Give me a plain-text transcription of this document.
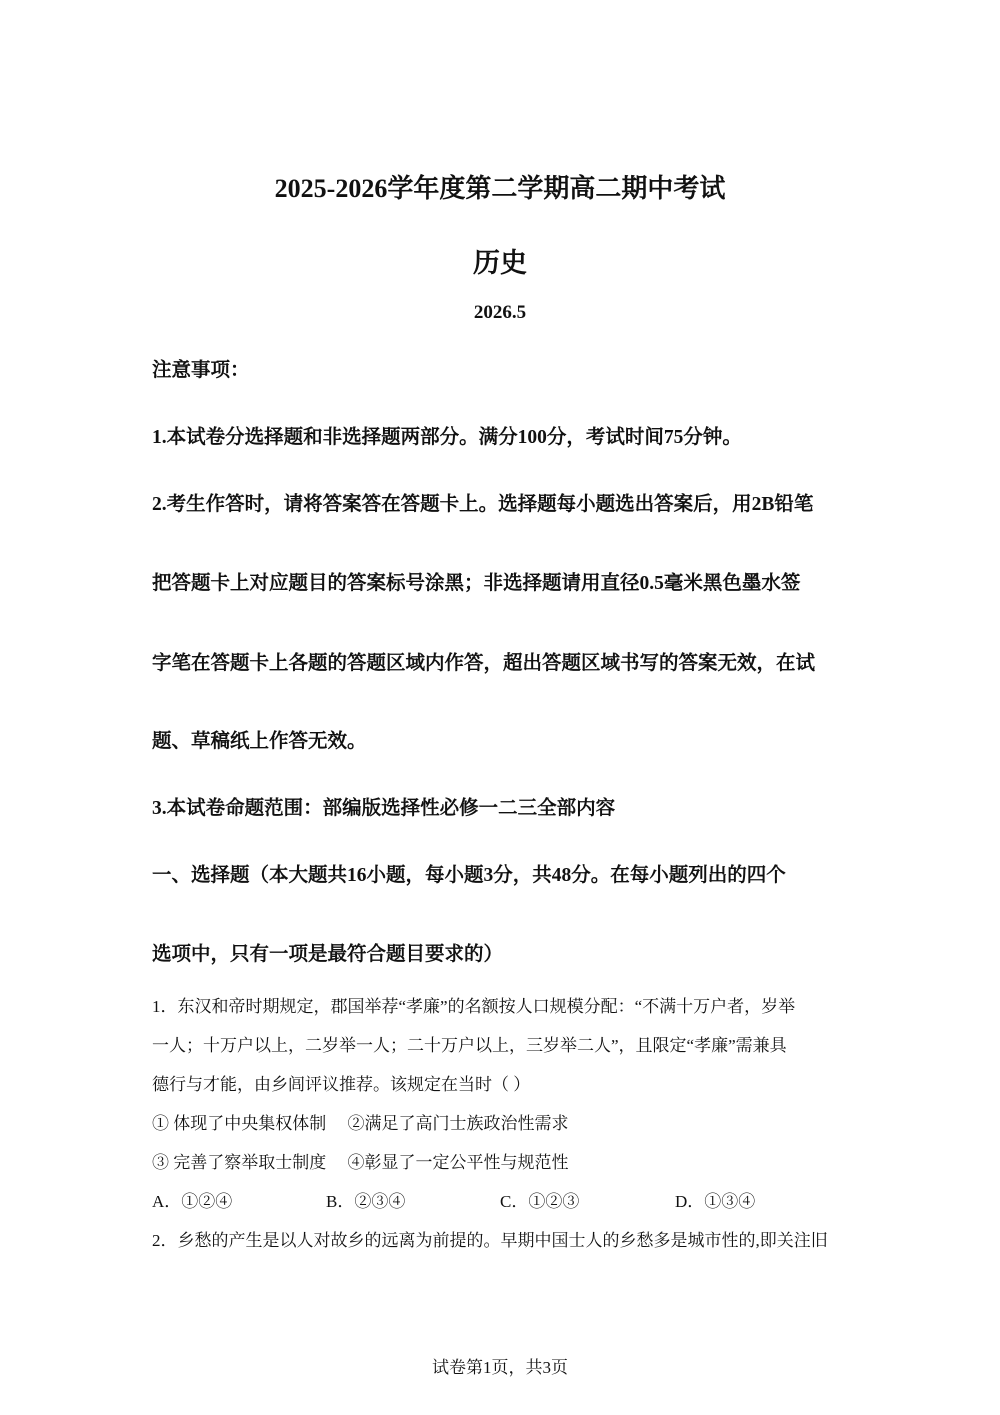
2025-2026学年度第二学期高二期中考试
历史
2026.5
注意事项：
1.本试卷分选择题和非选择题两部分。满分100分，考试时间75分钟。
2.考生作答时，请将答案答在答题卡上。选择题每小题选出答案后，用2B铅笔
把答题卡上对应题目的答案标号涂黑；非选择题请用直径0.5毫米黑色墨水签
字笔在答题卡上各题的答题区域内作答，超出答题区域书写的答案无效，在试
题、草稿纸上作答无效。
3.本试卷命题范围：部编版选择性必修一二三全部内容
一、选择题（本大题共16小题，每小题3分，共48分。在每小题列出的四个
选项中，只有一项是最符合题目要求的）
1．东汉和帝时期规定，郡国举荐“孝廉”的名额按人口规模分配：“不满十万户者，岁举
一人；十万户以上，二岁举一人；二十万户以上，三岁举二人”，且限定“孝廉”需兼具
德行与才能，由乡闾评议推荐。该规定在当时（ ）
① 体现了中央集权体制　 ②满足了高门士族政治性需求
③ 完善了察举取士制度　 ④彰显了一定公平性与规范性
A．①②④	B．②③④	C．①②③	D．①③④
2．乡愁的产生是以人对故乡的远离为前提的。早期中国士人的乡愁多是城市性的,即关注旧
试卷第1页，共3页
